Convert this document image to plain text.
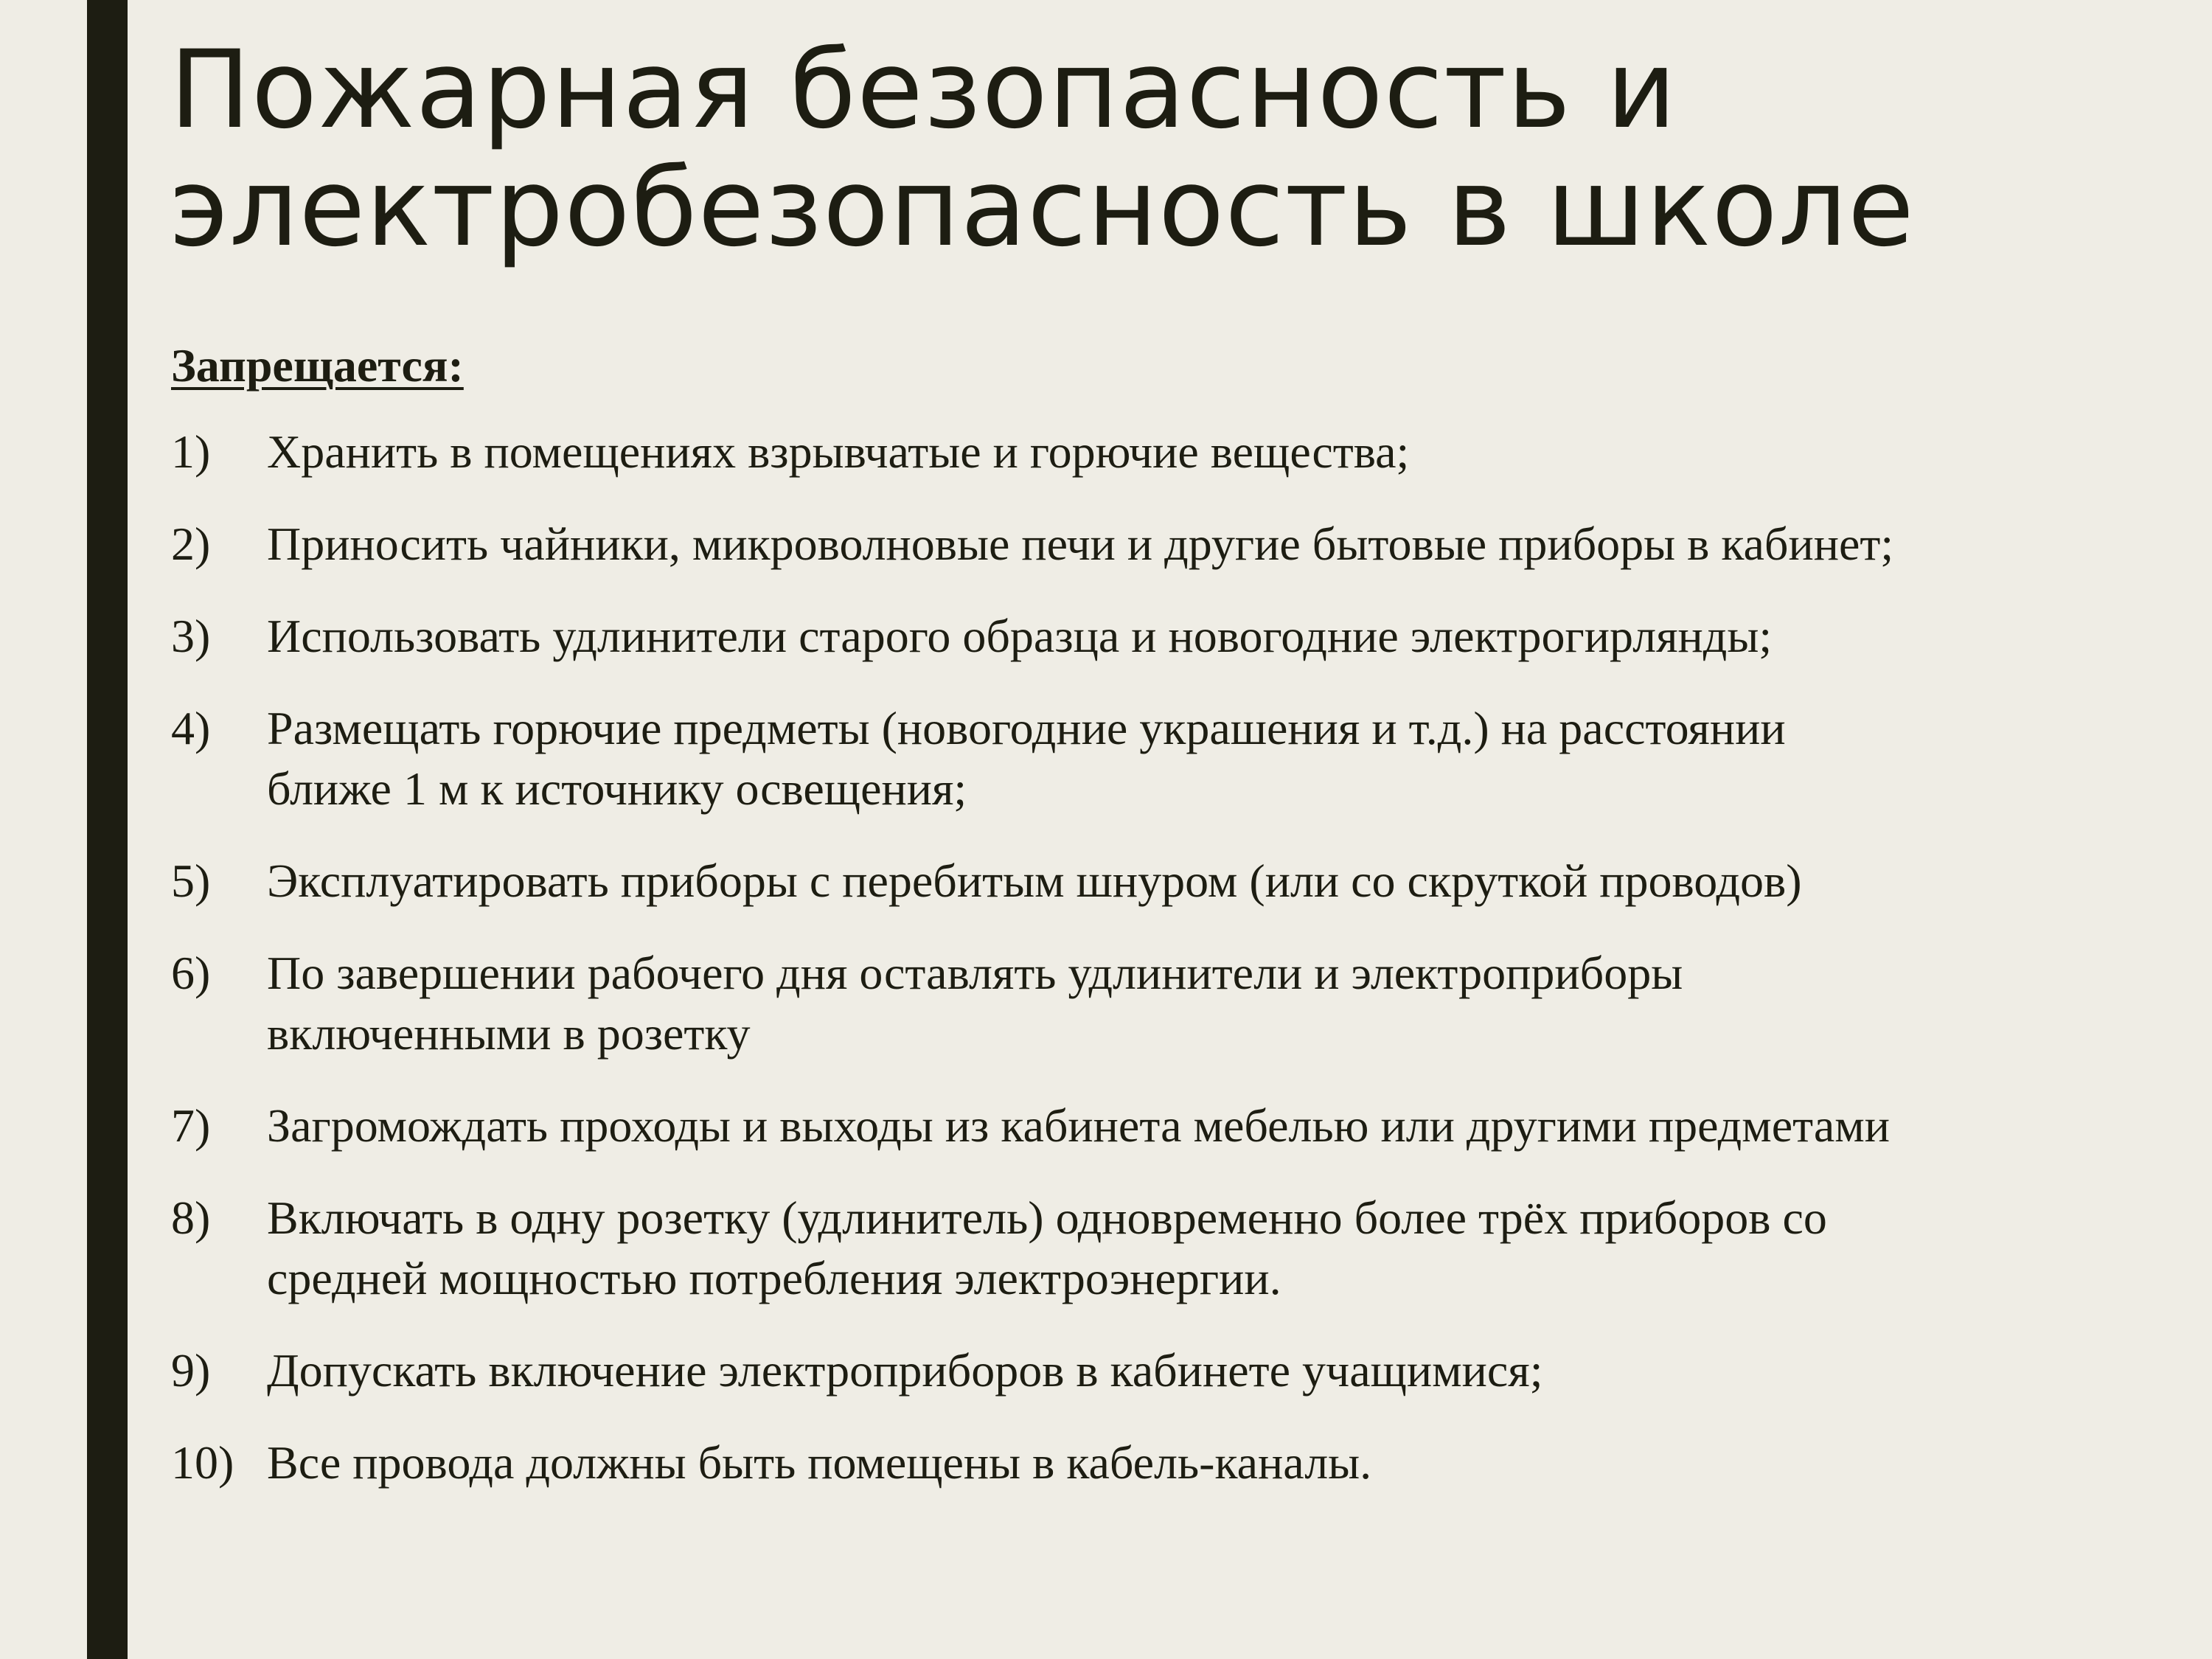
Пожарная безопасность и
электробезопасность в школе

Запрещается:

1)	Хранить в помещениях взрывчатые и горючие вещества;
2)	Приносить чайники, микроволновые печи и другие бытовые приборы в кабинет;
3)	Использовать удлинители старого образца и новогодние электрогирлянды;
4)	Размещать горючие предметы (новогодние украшения и т.д.) на расстоянии
ближе 1 м к источнику освещения;
5)	Эксплуатировать приборы с перебитым шнуром (или со скруткой проводов)
6)	По завершении рабочего дня оставлять удлинители и электроприборы
включенными в розетку
7)	Загромождать проходы и выходы из кабинета мебелью или другими предметами
8)	Включать в одну розетку (удлинитель) одновременно более трёх приборов со
средней мощностью потребления электроэнергии.
9)	Допускать включение электроприборов в кабинете учащимися;
10) Все провода должны быть помещены в кабель-каналы.
